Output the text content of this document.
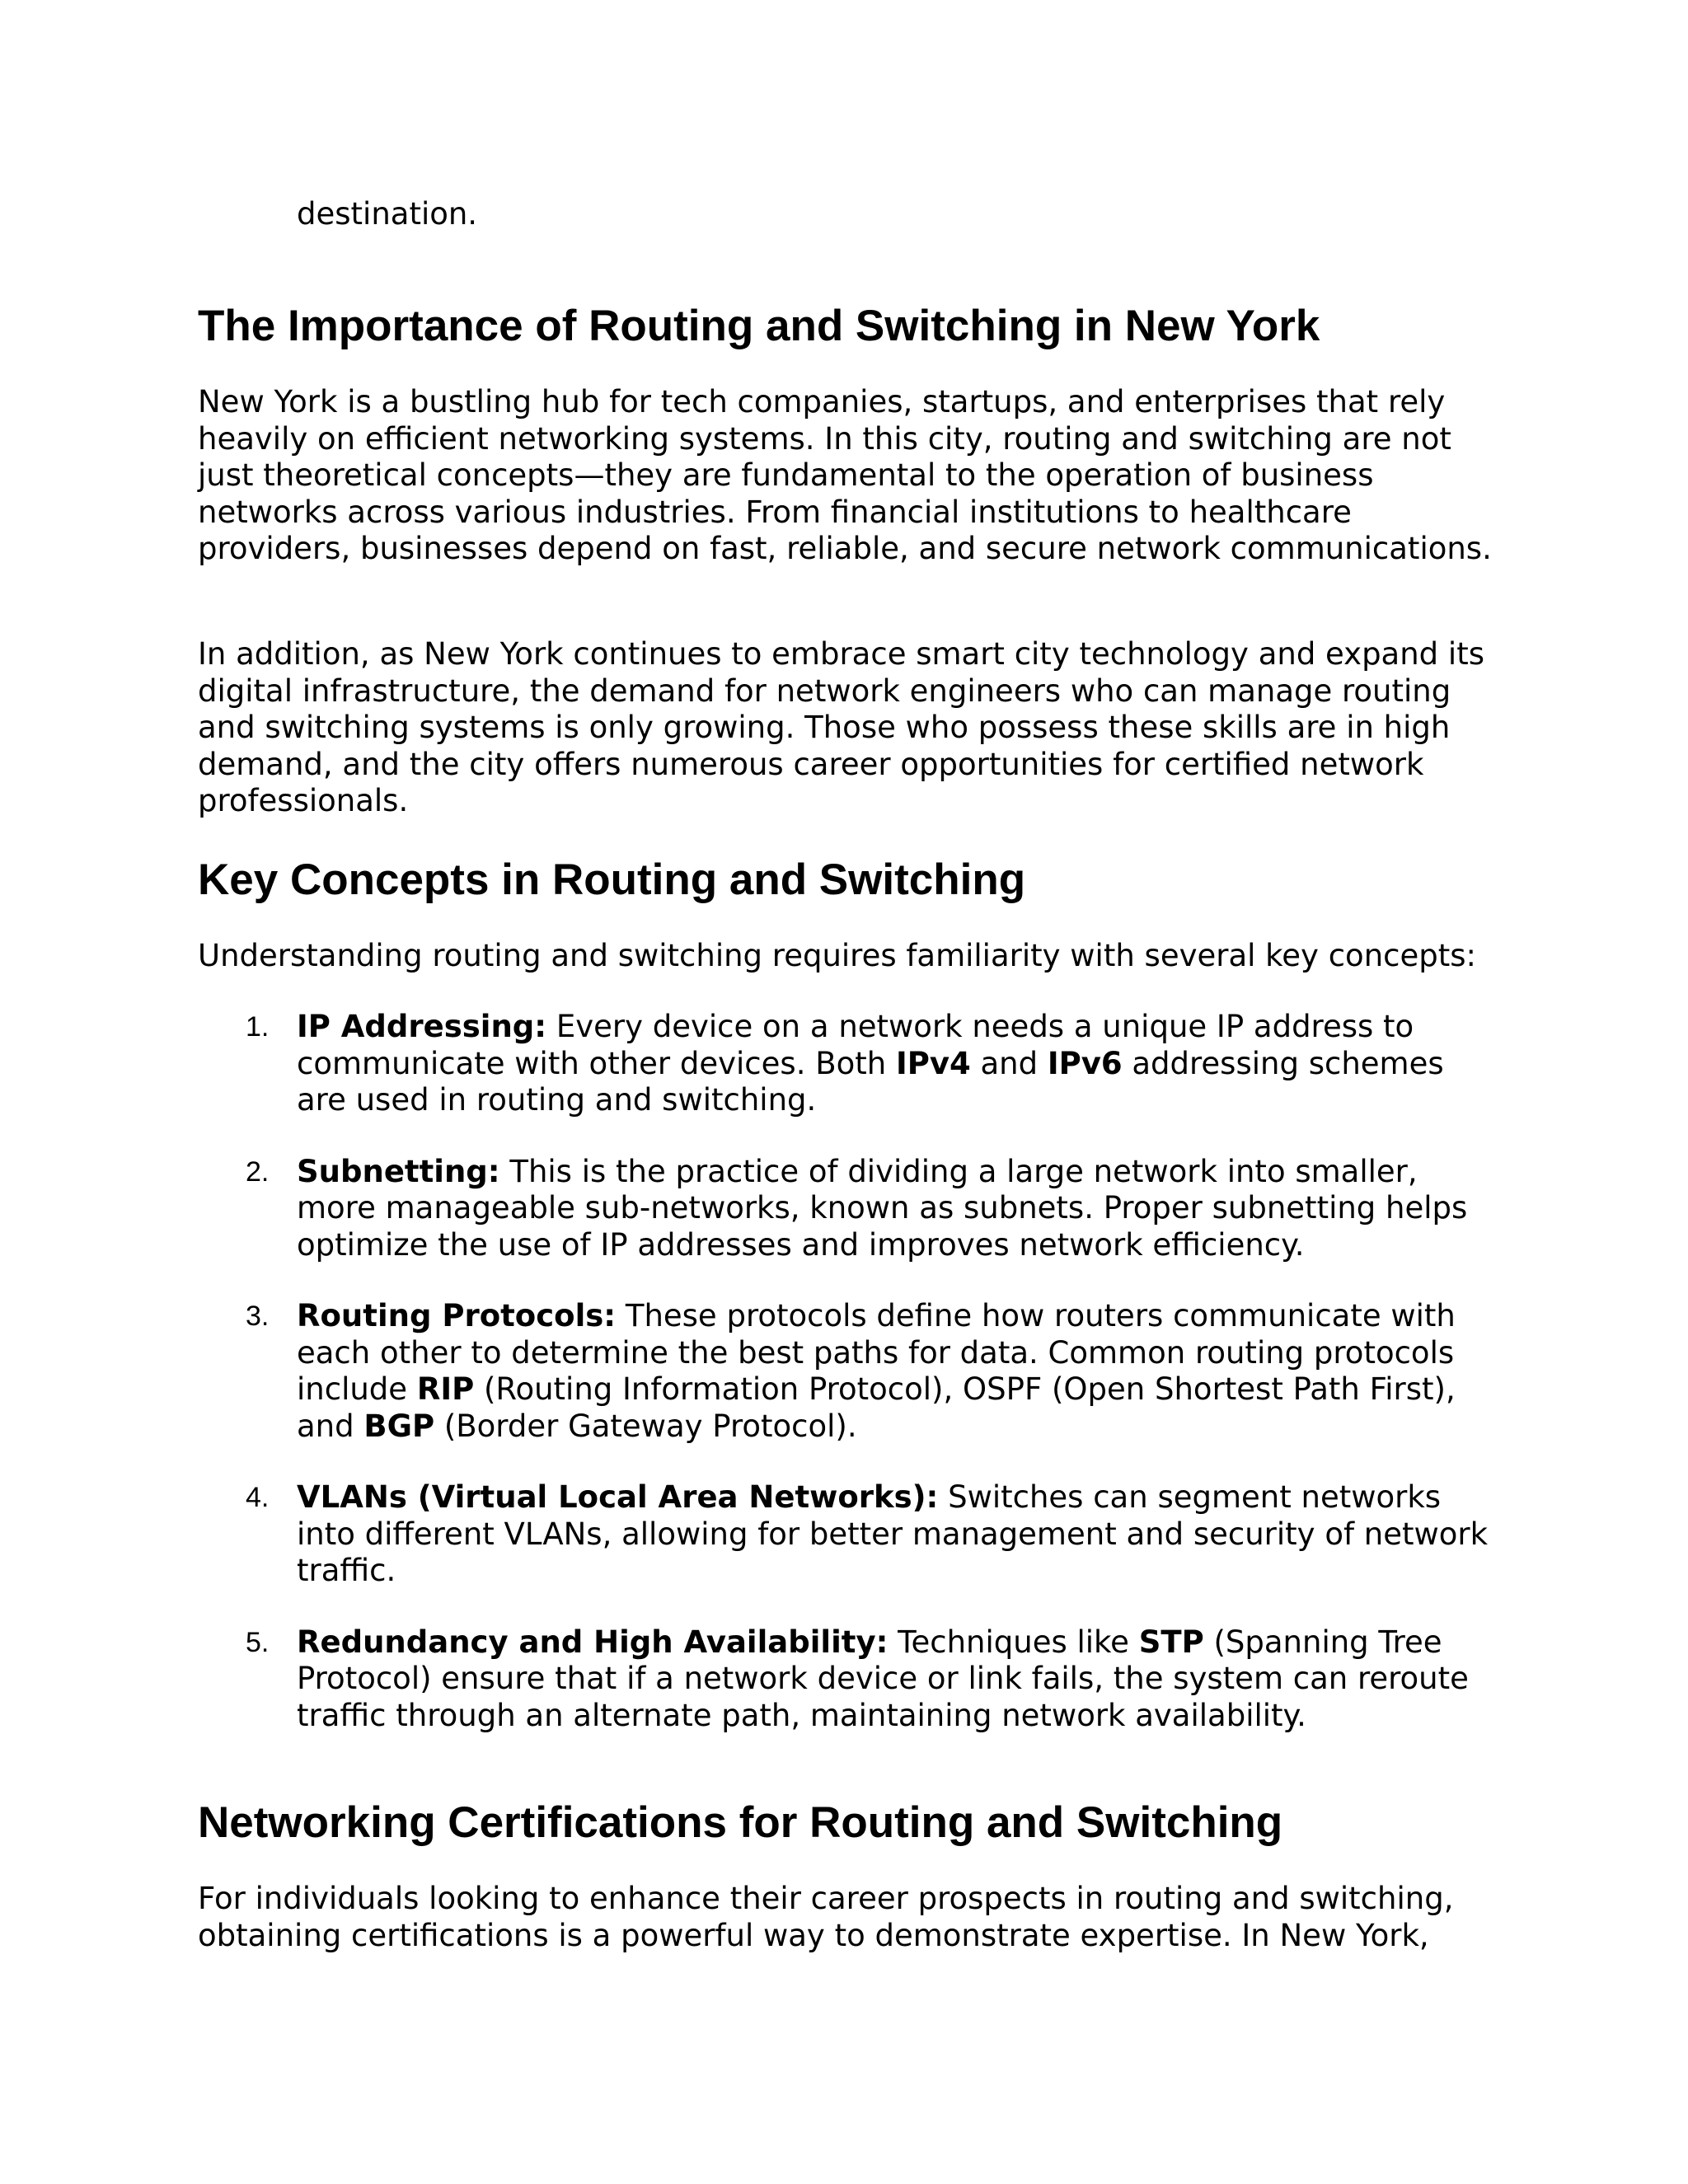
destination.

The Importance of Routing and Switching in New York

New York is a bustling hub for tech companies, startups, and enterprises that rely heavily on efficient networking systems. In this city, routing and switching are not just theoretical concepts—they are fundamental to the operation of business networks across various industries. From financial institutions to healthcare providers, businesses depend on fast, reliable, and secure network communications.

In addition, as New York continues to embrace smart city technology and expand its digital infrastructure, the demand for network engineers who can manage routing and switching systems is only growing. Those who possess these skills are in high demand, and the city offers numerous career opportunities for certified network professionals.

Key Concepts in Routing and Switching

Understanding routing and switching requires familiarity with several key concepts:

1. IP Addressing: Every device on a network needs a unique IP address to communicate with other devices. Both IPv4 and IPv6 addressing schemes are used in routing and switching.

2. Subnetting: This is the practice of dividing a large network into smaller, more manageable sub-networks, known as subnets. Proper subnetting helps optimize the use of IP addresses and improves network efficiency.

3. Routing Protocols: These protocols define how routers communicate with each other to determine the best paths for data. Common routing protocols include RIP (Routing Information Protocol), OSPF (Open Shortest Path First), and BGP (Border Gateway Protocol).

4. VLANs (Virtual Local Area Networks): Switches can segment networks into different VLANs, allowing for better management and security of network traffic.

5. Redundancy and High Availability: Techniques like STP (Spanning Tree Protocol) ensure that if a network device or link fails, the system can reroute traffic through an alternate path, maintaining network availability.

Networking Certifications for Routing and Switching

For individuals looking to enhance their career prospects in routing and switching, obtaining certifications is a powerful way to demonstrate expertise. In New York,
